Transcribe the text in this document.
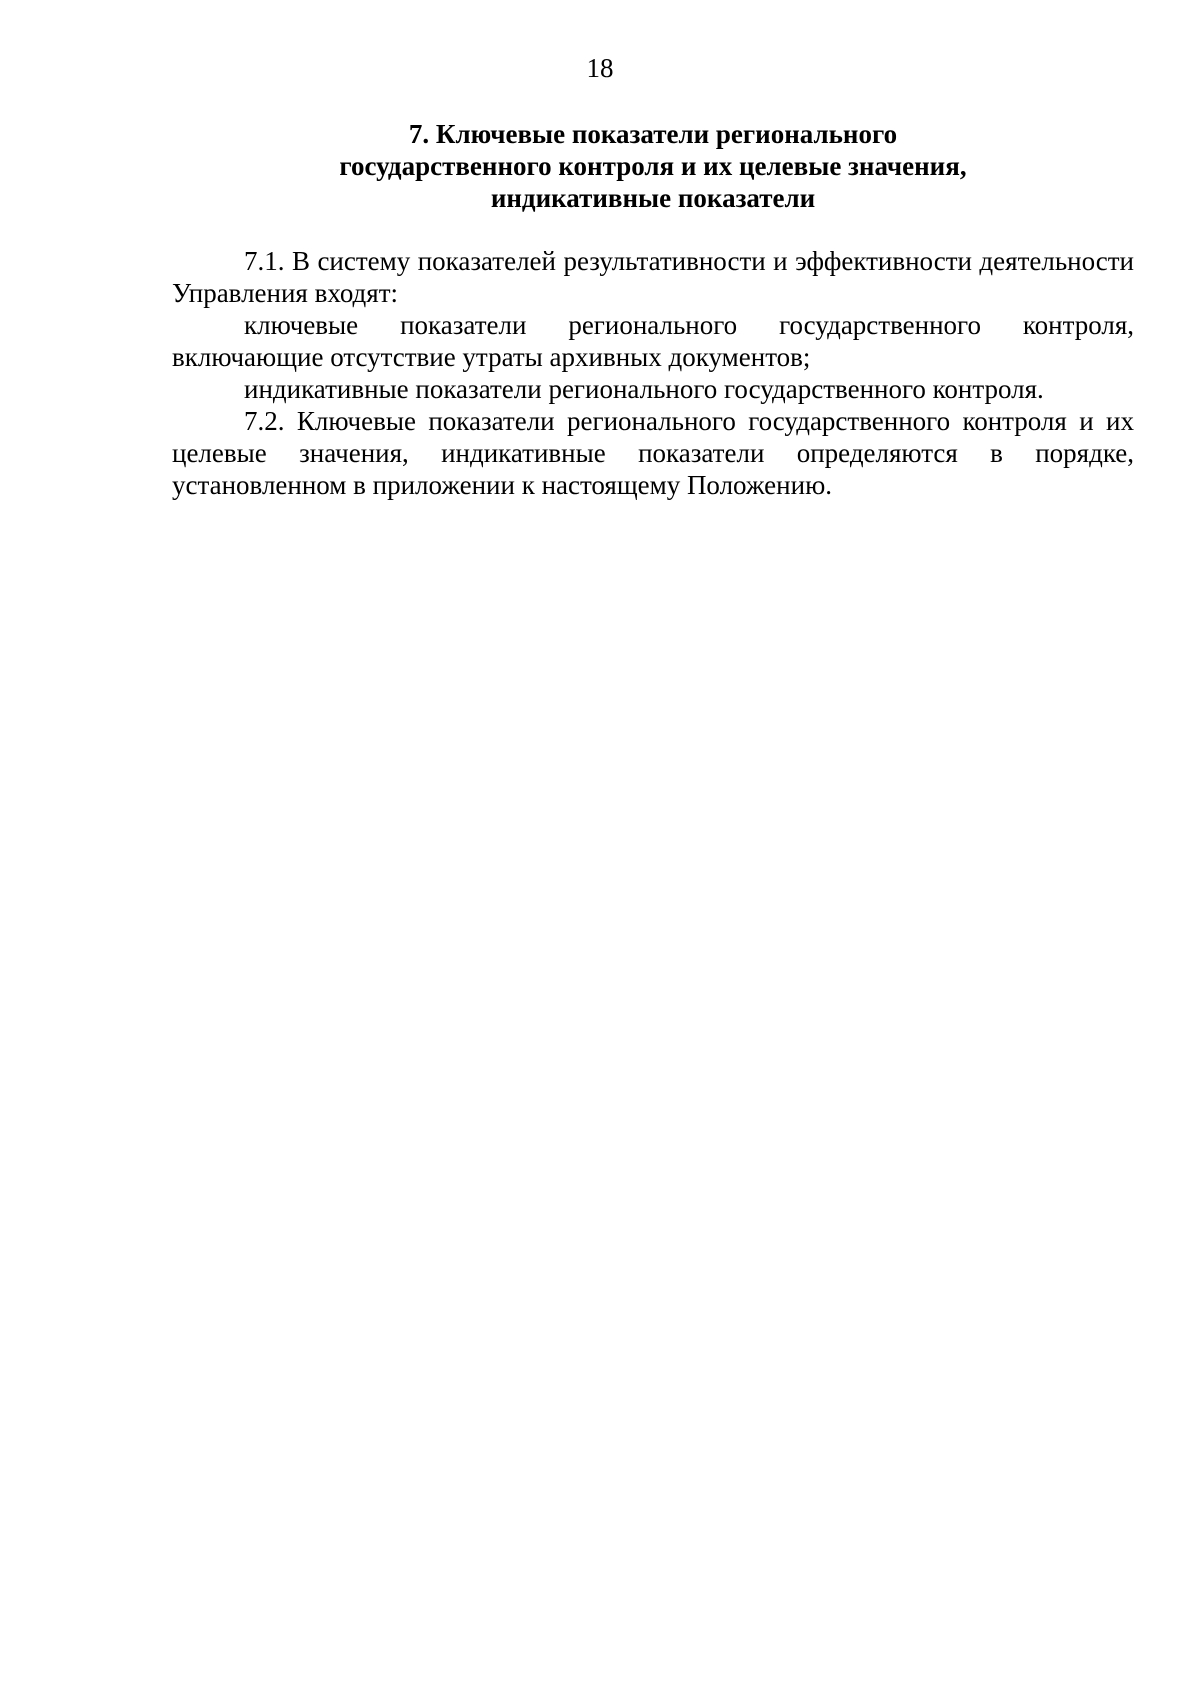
18
7. Ключевые показатели регионального
государственного контроля и их целевые значения,
индикативные показатели

7.1. В систему показателей результативности и эффективности деятельности Управления входят:

ключевые показатели регионального государственного контроля, включающие отсутствие утраты архивных документов;

индикативные показатели регионального государственного контроля.

7.2. Ключевые показатели регионального государственного контроля и их целевые значения, индикативные показатели определяются в порядке, установленном в приложении к настоящему Положению.
